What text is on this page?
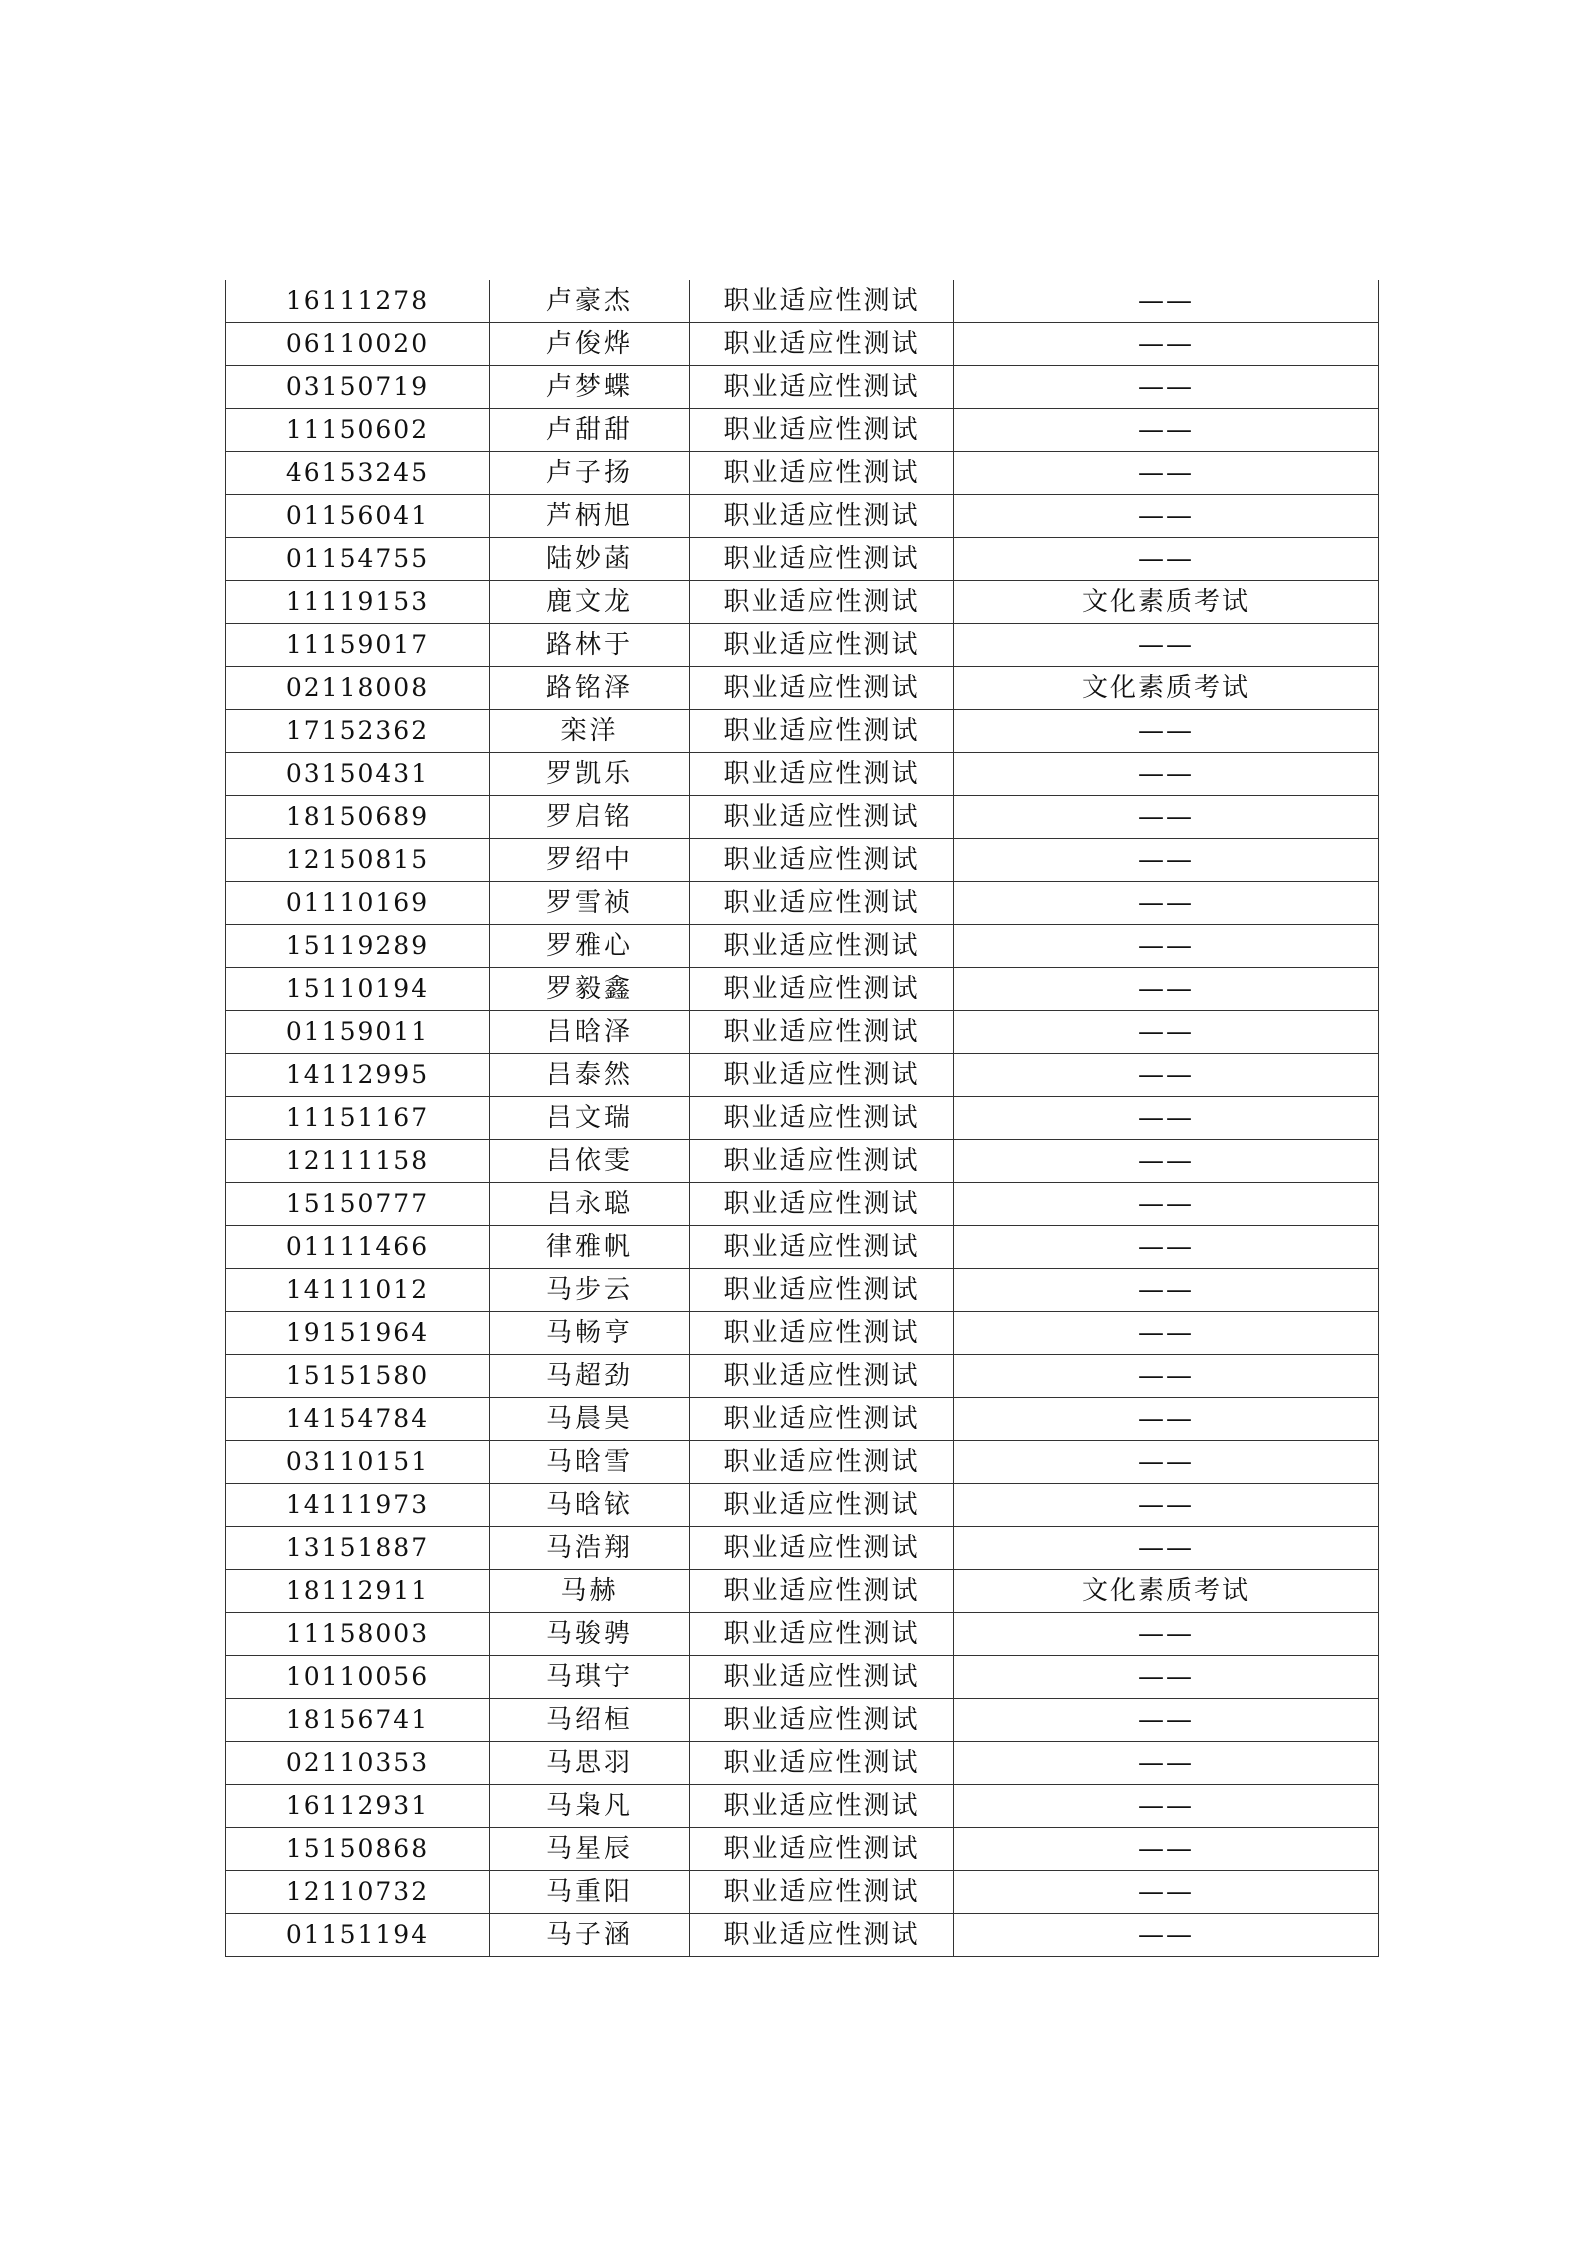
16111278	卢豪杰	职业适应性测试	——
06110020	卢俊烨	职业适应性测试	——
03150719	卢梦蝶	职业适应性测试	——
11150602	卢甜甜	职业适应性测试	——
46153245	卢子扬	职业适应性测试	——
01156041	芦柄旭	职业适应性测试	——
01154755	陆妙菡	职业适应性测试	——
11119153	鹿文龙	职业适应性测试	文化素质考试
11159017	路林于	职业适应性测试	——
02118008	路铭泽	职业适应性测试	文化素质考试
17152362	栾洋	职业适应性测试	——
03150431	罗凯乐	职业适应性测试	——
18150689	罗启铭	职业适应性测试	——
12150815	罗绍中	职业适应性测试	——
01110169	罗雪祯	职业适应性测试	——
15119289	罗雅心	职业适应性测试	——
15110194	罗毅鑫	职业适应性测试	——
01159011	吕晗泽	职业适应性测试	——
14112995	吕泰然	职业适应性测试	——
11151167	吕文瑞	职业适应性测试	——
12111158	吕依雯	职业适应性测试	——
15150777	吕永聪	职业适应性测试	——
01111466	律雅帆	职业适应性测试	——
14111012	马步云	职业适应性测试	——
19151964	马畅亨	职业适应性测试	——
15151580	马超劲	职业适应性测试	——
14154784	马晨昊	职业适应性测试	——
03110151	马晗雪	职业适应性测试	——
14111973	马晗铱	职业适应性测试	——
13151887	马浩翔	职业适应性测试	——
18112911	马赫	职业适应性测试	文化素质考试
11158003	马骏骋	职业适应性测试	——
10110056	马琪宁	职业适应性测试	——
18156741	马绍桓	职业适应性测试	——
02110353	马思羽	职业适应性测试	——
16112931	马枭凡	职业适应性测试	——
15150868	马星辰	职业适应性测试	——
12110732	马重阳	职业适应性测试	——
01151194	马子涵	职业适应性测试	——
